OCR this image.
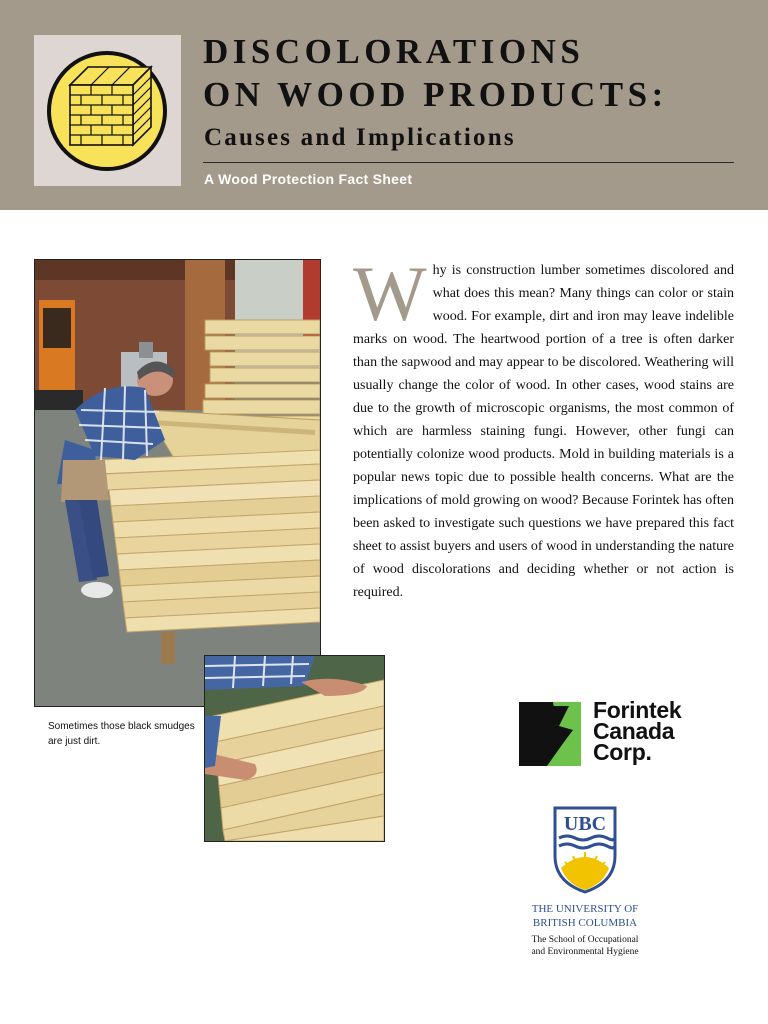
DISCOLORATIONS
ON WOOD PRODUCTS:
Causes and Implications

A Wood Protection Fact Sheet

Sometimes those black smudges are just dirt.

Why is construction lumber sometimes discolored and what does this mean? Many things can color or stain wood. For example, dirt and iron may leave indelible marks on wood. The heartwood portion of a tree is often darker than the sapwood and may appear to be discolored. Weathering will usually change the color of wood. In other cases, wood stains are due to the growth of microscopic organisms, the most common of which are harmless staining fungi. However, other fungi can potentially colonize wood products. Mold in building materials is a popular news topic due to possible health concerns. What are the implications of mold growing on wood? Because Forintek has often been asked to investigate such questions we have prepared this fact sheet to assist buyers and users of wood in understanding the nature of wood discolorations and deciding whether or not action is required.

Forintek
Canada
Corp.

UBC

THE UNIVERSITY OF
BRITISH COLUMBIA

The School of Occupational
and Environmental Hygiene
